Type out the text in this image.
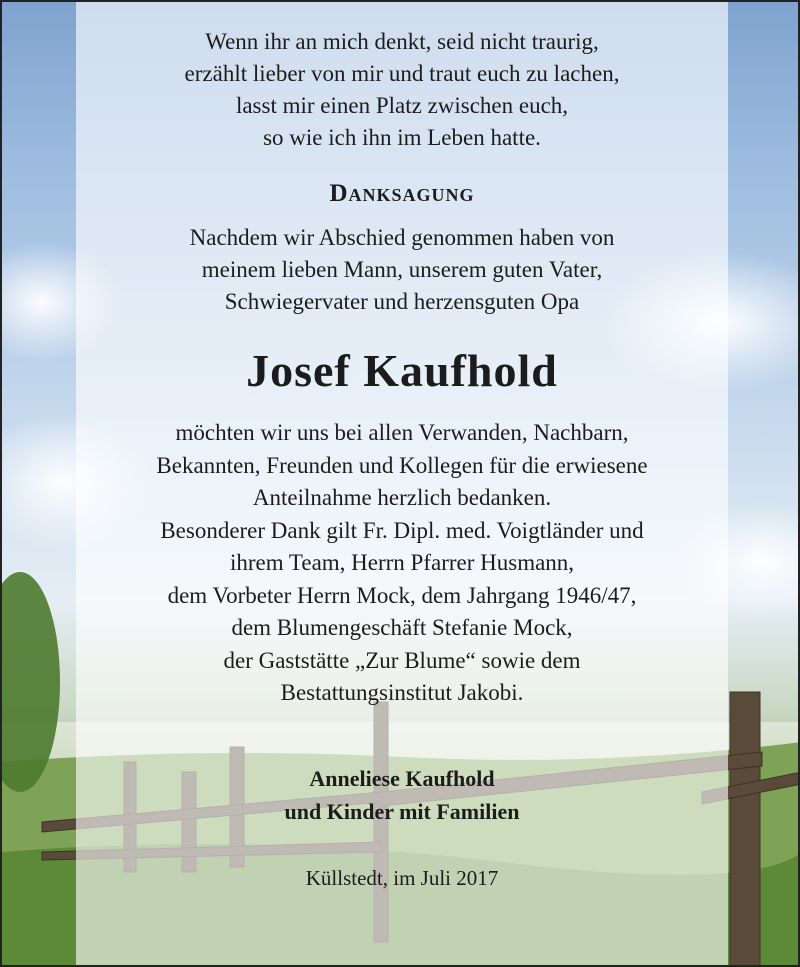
Wenn ihr an mich denkt, seid nicht traurig,
erzählt lieber von mir und traut euch zu lachen,
lasst mir einen Platz zwischen euch,
so wie ich ihn im Leben hatte.
Danksagung
Nachdem wir Abschied genommen haben von
meinem lieben Mann, unserem guten Vater,
Schwiegervater und herzensguten Opa
Josef Kaufhold
möchten wir uns bei allen Verwanden, Nachbarn,
Bekannten, Freunden und Kollegen für die erwiesene
Anteilnahme herzlich bedanken.
Besonderer Dank gilt Fr. Dipl. med. Voigtländer und
ihrem Team, Herrn Pfarrer Husmann,
dem Vorbeter Herrn Mock, dem Jahrgang 1946/47,
dem Blumengeschäft Stefanie Mock,
der Gaststätte „Zur Blume“ sowie dem
Bestattungsinstitut Jakobi.
Anneliese Kaufhold
und Kinder mit Familien
Küllstedt, im Juli 2017
